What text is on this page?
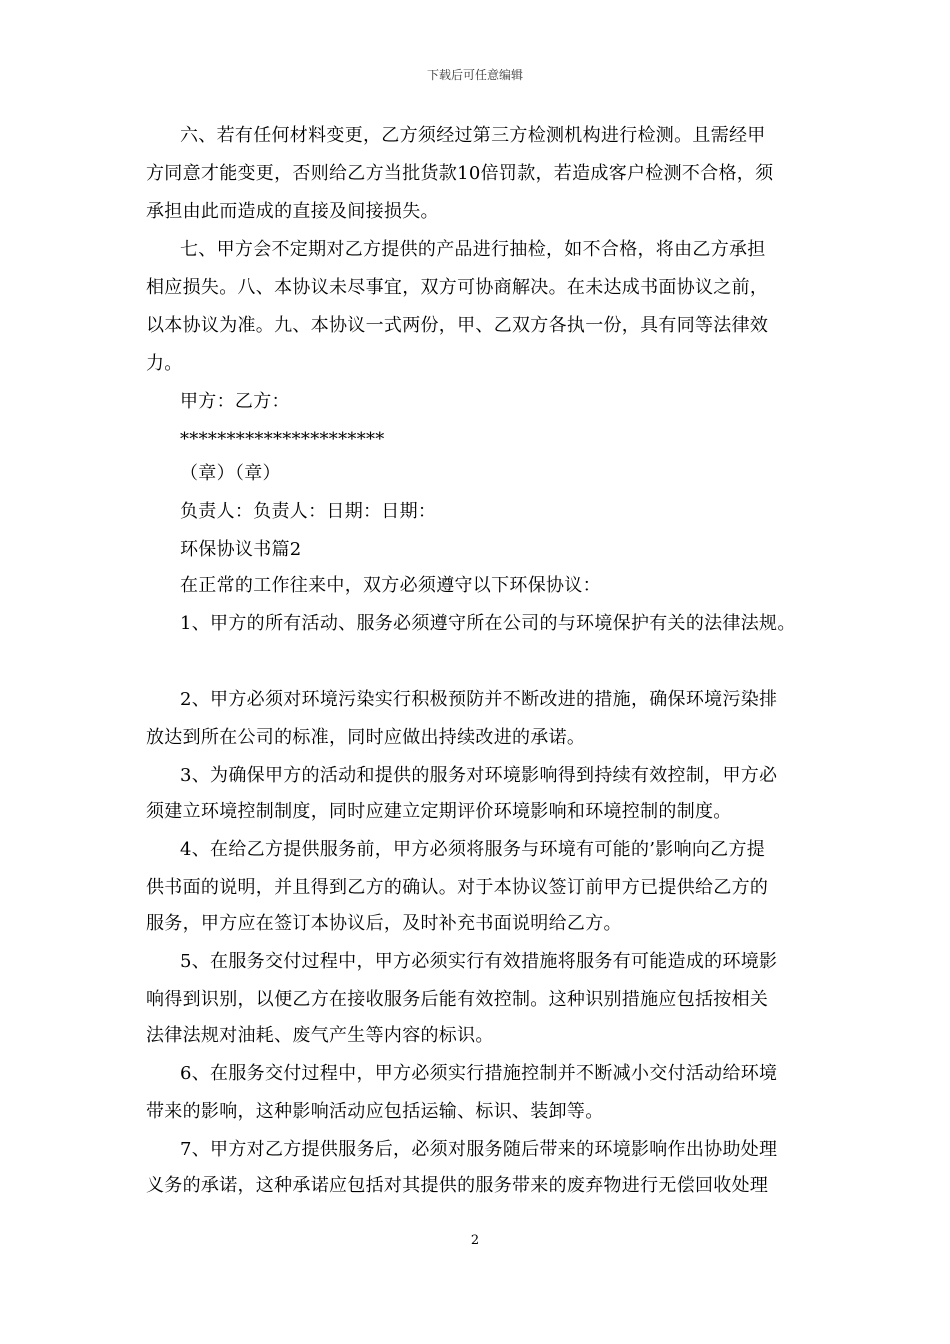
下载后可任意编辑
六、若有任何材料变更，乙方须经过第三方检测机构进行检测。且需经甲
方同意才能变更，否则给乙方当批货款10倍罚款，若造成客户检测不合格，须
承担由此而造成的直接及间接损失。
七、甲方会不定期对乙方提供的产品进行抽检，如不合格，将由乙方承担
相应损失。八、本协议未尽事宜，双方可协商解决。在未达成书面协议之前，
以本协议为准。九、本协议一式两份，甲、乙双方各执一份，具有同等法律效
力。
甲方：乙方：
**********************
（章）（章）
负责人：负责人：日期：日期：
环保协议书篇2
在正常的工作往来中，双方必须遵守以下环保协议：
1、甲方的所有活动、服务必须遵守所在公司的与环境保护有关的法律法规。
2、甲方必须对环境污染实行积极预防并不断改进的措施，确保环境污染排
放达到所在公司的标准，同时应做出持续改进的承诺。
3、为确保甲方的活动和提供的服务对环境影响得到持续有效控制，甲方必
须建立环境控制制度，同时应建立定期评价环境影响和环境控制的制度。
4、在给乙方提供服务前，甲方必须将服务与环境有可能的’影响向乙方提
供书面的说明，并且得到乙方的确认。对于本协议签订前甲方已提供给乙方的
服务，甲方应在签订本协议后，及时补充书面说明给乙方。
5、在服务交付过程中，甲方必须实行有效措施将服务有可能造成的环境影
响得到识别，以便乙方在接收服务后能有效控制。这种识别措施应包括按相关
法律法规对油耗、废气产生等内容的标识。
6、在服务交付过程中，甲方必须实行措施控制并不断减小交付活动给环境
带来的影响，这种影响活动应包括运输、标识、装卸等。
7、甲方对乙方提供服务后，必须对服务随后带来的环境影响作出协助处理
义务的承诺，这种承诺应包括对其提供的服务带来的废弃物进行无偿回收处理
2
